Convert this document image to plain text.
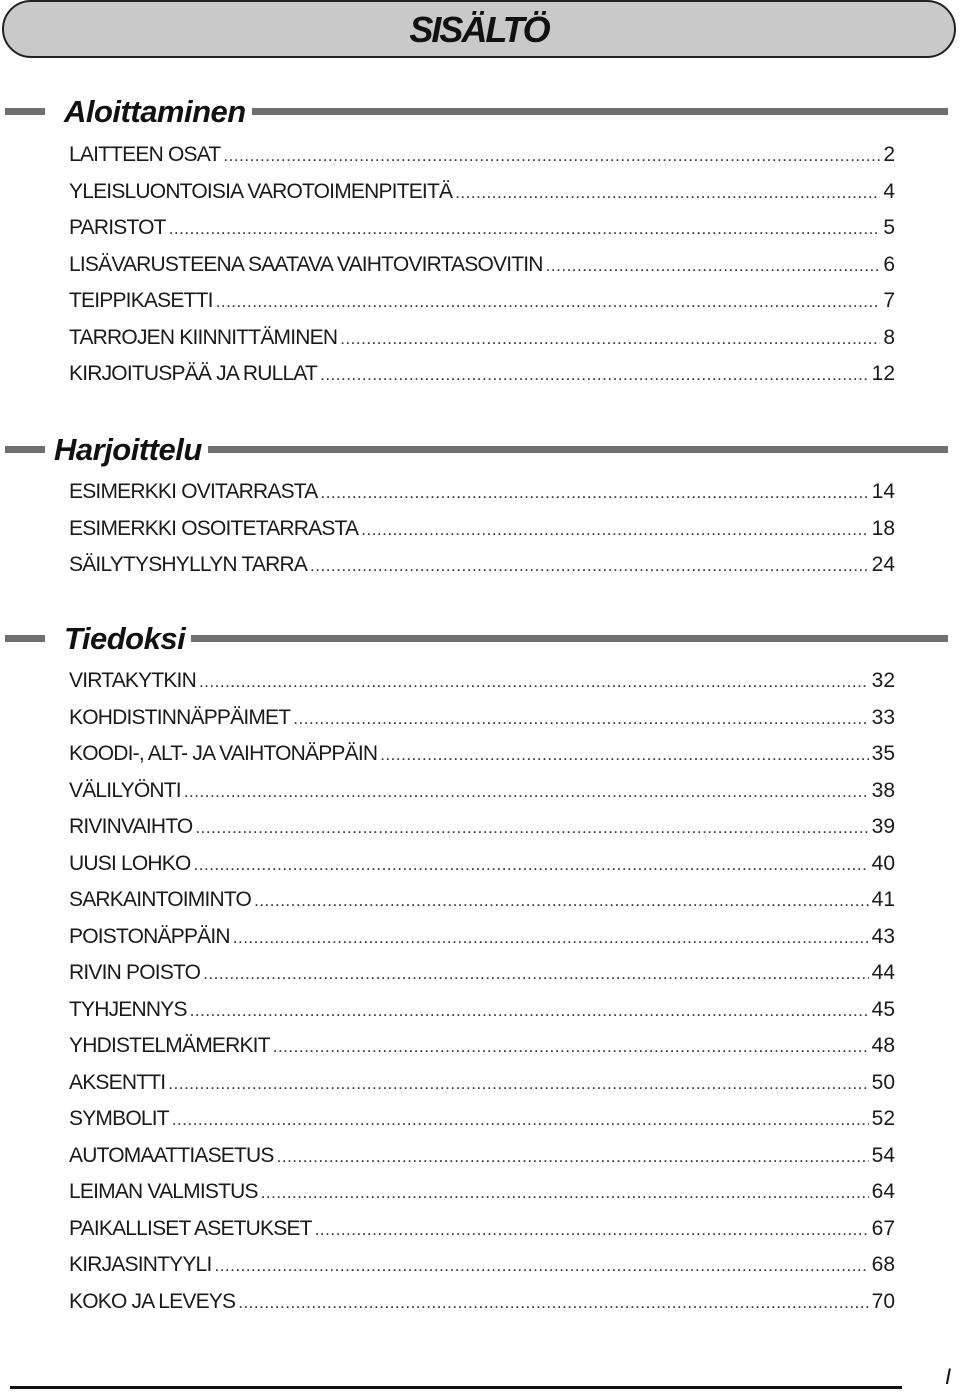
SISÄLTÖ
Aloittaminen
LAITTEEN OSAT .....	2
YLEISLUONTOISIA VAROTOIMENPITEITÄ .....	4
PARISTOT .....	5
LISÄVARUSTEENA SAATAVA VAIHTOVIRTASOVITIN .....	6
TEIPPIKASETTI .....	7
TARROJEN KIINNITTÄMINEN .....	8
KIRJOITUSPÄÄ JA RULLAT .....	12
Harjoittelu
ESIMERKKI OVITARRASTA .....	14
ESIMERKKI OSOITETARRASTA .....	18
SÄILYTYSHYLLYN TARRA .....	24
Tiedoksi
VIRTAKYTKIN .....	32
KOHDISTINNÄPPÄIMET .....	33
KOODI-, ALT- JA VAIHTONÄPPÄIN .....	35
VÄLILYÖNTI .....	38
RIVINVAIHTO .....	39
UUSI LOHKO .....	40
SARKAINTOIMINTO .....	41
POISTONÄPPÄIN .....	43
RIVIN POISTO .....	44
TYHJENNYS .....	45
YHDISTELMÄMERKIT .....	48
AKSENTTI .....	50
SYMBOLIT .....	52
AUTOMAATTIASETUS .....	54
LEIMAN VALMISTUS .....	64
PAIKALLISET ASETUKSET .....	67
KIRJASINTYYLI .....	68
KOKO JA LEVEYS .....	70
I
